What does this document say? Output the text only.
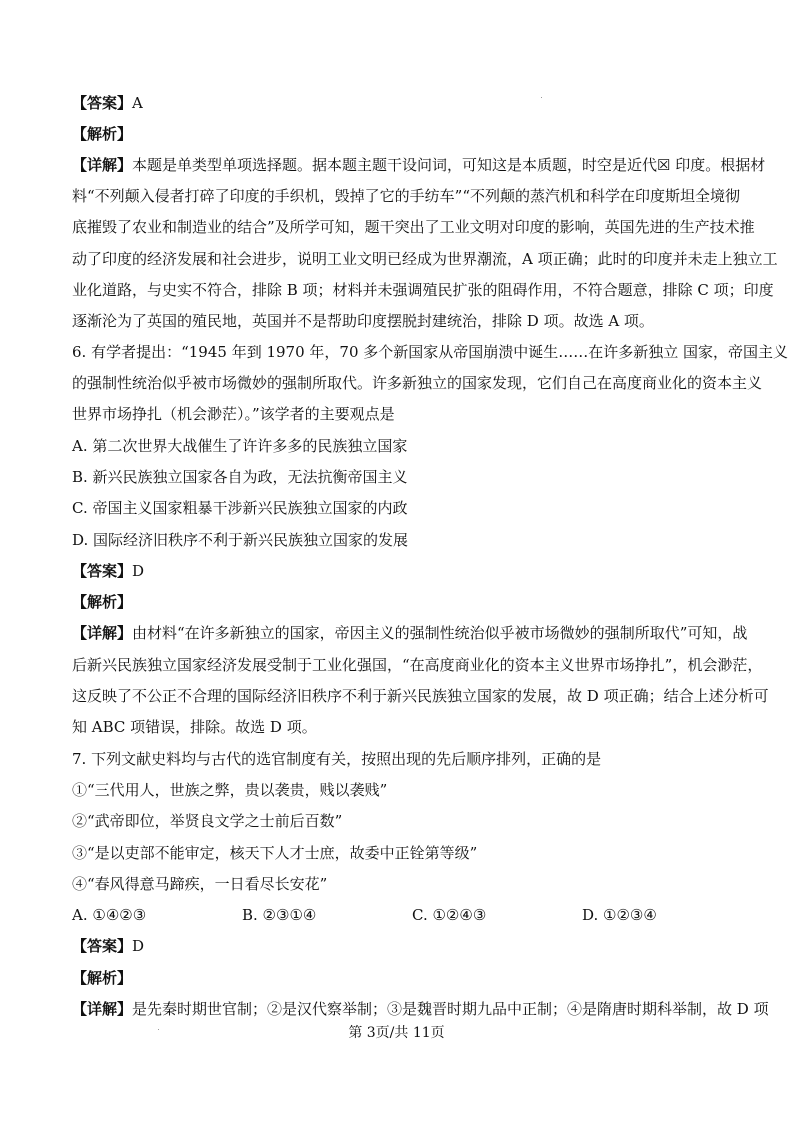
【答案】A
【解析】
【详解】本题是单类型单项选择题。据本题主题干设问词，可知这是本质题，时空是近代☒ 印度。根据材
料“不列颠入侵者打碎了印度的手织机，毁掉了它的手纺车”“不列颠的蒸汽机和科学在印度斯坦全境彻
底摧毁了农业和制造业的结合”及所学可知，题干突出了工业文明对印度的影响，英国先进的生产技术推
动了印度的经济发展和社会进步，说明工业文明已经成为世界潮流，A 项正确；此时的印度并未走上独立工
业化道路，与史实不符合，排除 B 项；材料并未强调殖民扩张的阻碍作用，不符合题意，排除 C 项；印度
逐渐沦为了英国的殖民地，英国并不是帮助印度摆脱封建统治，排除 D 项。故选 A 项。
6. 有学者提出：“1945 年到 1970 年，70 多个新国家从帝国崩溃中诞生……在许多新独立 国家，帝国主义
的强制性统治似乎被市场微妙的强制所取代。许多新独立的国家发现，它们自己在高度商业化的资本主义
世界市场挣扎（机会渺茫）。”该学者的主要观点是
A. 第二次世界大战催生了许许多多的民族独立国家
B. 新兴民族独立国家各自为政，无法抗衡帝国主义
C. 帝国主义国家粗暴干涉新兴民族独立国家的内政
D. 国际经济旧秩序不利于新兴民族独立国家的发展
【答案】D
【解析】
【详解】由材料“在许多新独立的国家，帝因主义的强制性统治似乎被市场微妙的强制所取代”可知，战
后新兴民族独立国家经济发展受制于工业化强国，“在高度商业化的资本主义世界市场挣扎”，机会渺茫，
这反映了不公正不合理的国际经济旧秩序不利于新兴民族独立国家的发展，故 D 项正确；结合上述分析可
知 ABC 项错误，排除。故选 D 项。
7. 下列文献史料均与古代的选官制度有关，按照出现的先后顺序排列，正确的是
①“三代用人，世族之弊，贵以袭贵，贱以袭贱”
②“武帝即位，举贤良文学之士前后百数”
③“是以吏部不能审定，核天下人才士庶，故委中正铨第等级”
④“春风得意马蹄疾，一日看尽长安花”
A. ①④②③	B. ②③①④	C. ①②④③	D. ①②③④
【答案】D
【解析】
【详解】是先秦时期世官制；②是汉代察举制；③是魏晋时期九品中正制；④是隋唐时期科举制，故 D 项
第 3页/共 11页
